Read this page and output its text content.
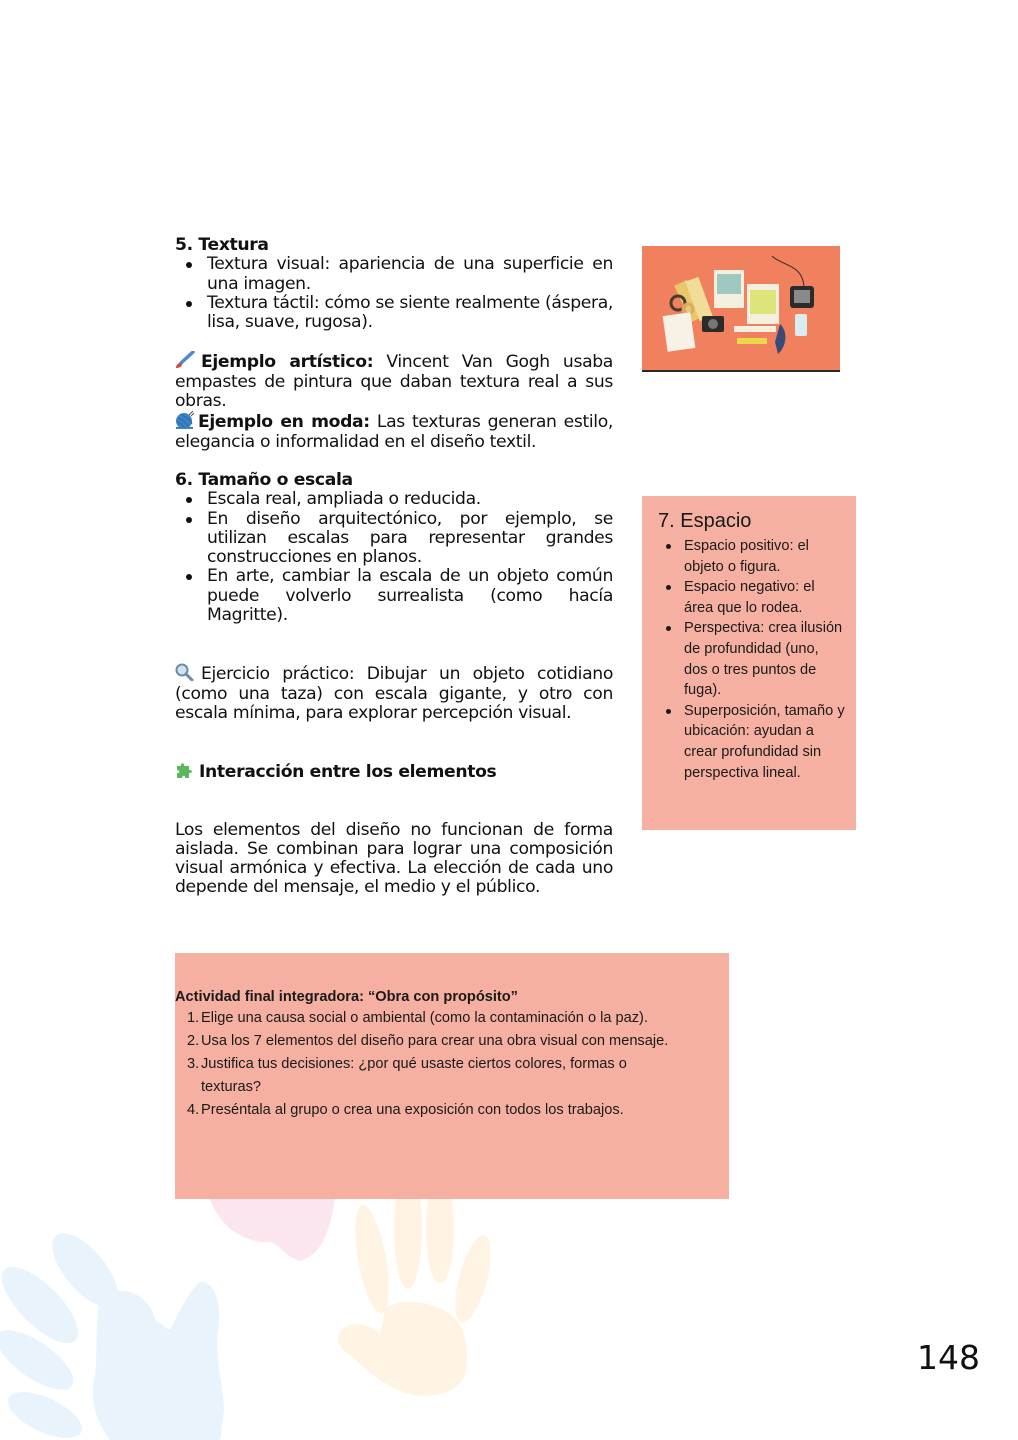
5. Textura

Textura visual: apariencia de una superficie en una imagen.
Textura táctil: cómo se siente realmente (áspera, lisa, suave, rugosa).

Ejemplo artístico: Vincent Van Gogh usaba empastes de pintura que daban textura real a sus obras.

Ejemplo en moda: Las texturas generan estilo, elegancia o informalidad en el diseño textil.

6. Tamaño o escala

Escala real, ampliada o reducida.
En diseño arquitectónico, por ejemplo, se utilizan escalas para representar grandes construcciones en planos.
En arte, cambiar la escala de un objeto común puede volverlo surrealista (como hacía Magritte).

Ejercicio práctico: Dibujar un objeto cotidiano (como una taza) con escala gigante, y otro con escala mínima, para explorar percepción visual.

Interacción entre los elementos

Los elementos del diseño no funcionan de forma aislada. Se combinan para lograr una composición visual armónica y efectiva. La elección de cada uno depende del mensaje, el medio y el público.

7. Espacio

Espacio positivo: el objeto o figura.
Espacio negativo: el área que lo rodea.
Perspectiva: crea ilusión de profundidad (uno, dos o tres puntos de fuga).
Superposición, tamaño y ubicación: ayudan a crear profundidad sin perspectiva lineal.

Actividad final integradora: “Obra con propósito”

1. Elige una causa social o ambiental (como la contaminación o la paz).
2. Usa los 7 elementos del diseño para crear una obra visual con mensaje.
3. Justifica tus decisiones: ¿por qué usaste ciertos colores, formas o texturas?
4. Preséntala al grupo o crea una exposición con todos los trabajos.
148
